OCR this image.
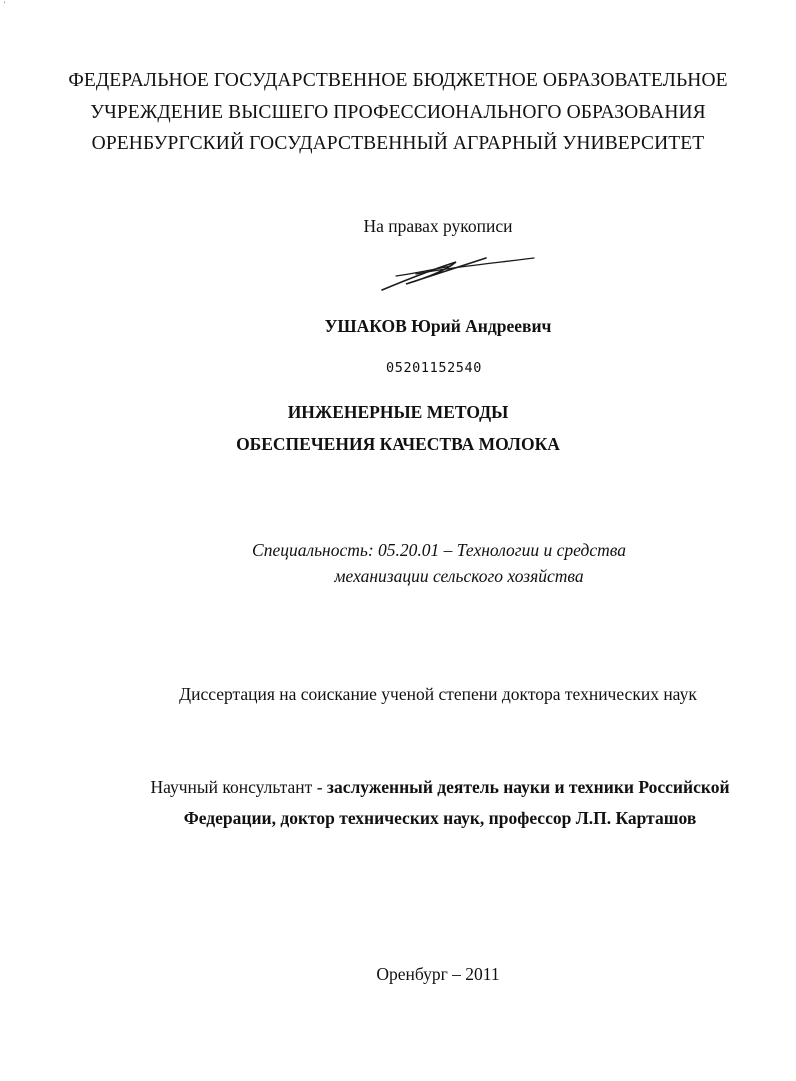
'
ФЕДЕРАЛЬНОЕ ГОСУДАРСТВЕННОЕ БЮДЖЕТНОЕ ОБРАЗОВАТЕЛЬНОЕ
УЧРЕЖДЕНИЕ ВЫСШЕГО ПРОФЕССИОНАЛЬНОГО ОБРАЗОВАНИЯ
ОРЕНБУРГСКИЙ ГОСУДАРСТВЕННЫЙ АГРАРНЫЙ УНИВЕРСИТЕТ
На правах рукописи
УШАКОВ Юрий Андреевич
05201152540
ИНЖЕНЕРНЫЕ МЕТОДЫ
ОБЕСПЕЧЕНИЯ КАЧЕСТВА МОЛОКА
Специальность: 05.20.01 – Технологии и средства
механизации сельского хозяйства
Диссертация на соискание ученой степени доктора технических наук
Научный консультант - заслуженный деятель науки и техники Российской
Федерации, доктор технических наук, профессор Л.П. Карташов
Оренбург – 2011
